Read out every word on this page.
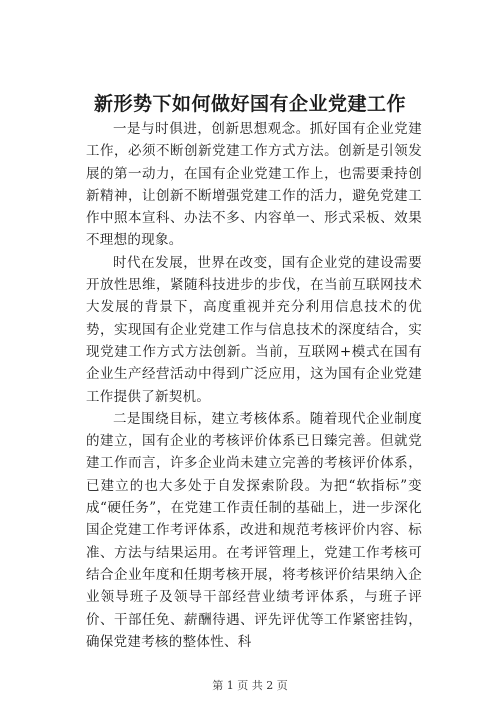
新形势下如何做好国有企业党建工作

一是与时俱进，创新思想观念。抓好国有企业党建工作，必须不断创新党建工作方式方法。创新是引领发展的第一动力，在国有企业党建工作上，也需要秉持创新精神，让创新不断增强党建工作的活力，避免党建工作中照本宣科、办法不多、内容单一、形式采板、效果不理想的现象。

时代在发展，世界在改变，国有企业党的建设需要开放性思维，紧随科技进步的步伐，在当前互联网技术大发展的背景下，高度重视并充分利用信息技术的优势，实现国有企业党建工作与信息技术的深度结合，实现党建工作方式方法创新。当前，互联网+模式在国有企业生产经营活动中得到广泛应用，这为国有企业党建工作提供了新契机。

二是围绕目标，建立考核体系。随着现代企业制度的建立，国有企业的考核评价体系已日臻完善。但就党建工作而言，许多企业尚未建立完善的考核评价体系，已建立的也大多处于自发探索阶段。为把“软指标”变成“硬任务”，在党建工作责任制的基础上，进一步深化国企党建工作考评体系，改进和规范考核评价内容、标准、方法与结果运用。在考评管理上，党建工作考核可结合企业年度和任期考核开展，将考核评价结果纳入企业领导班子及领导干部经营业绩考评体系，与班子评价、干部任免、薪酬待遇、评先评优等工作紧密挂钩，确保党建考核的整体性、科

第 1 页 共 2 页
